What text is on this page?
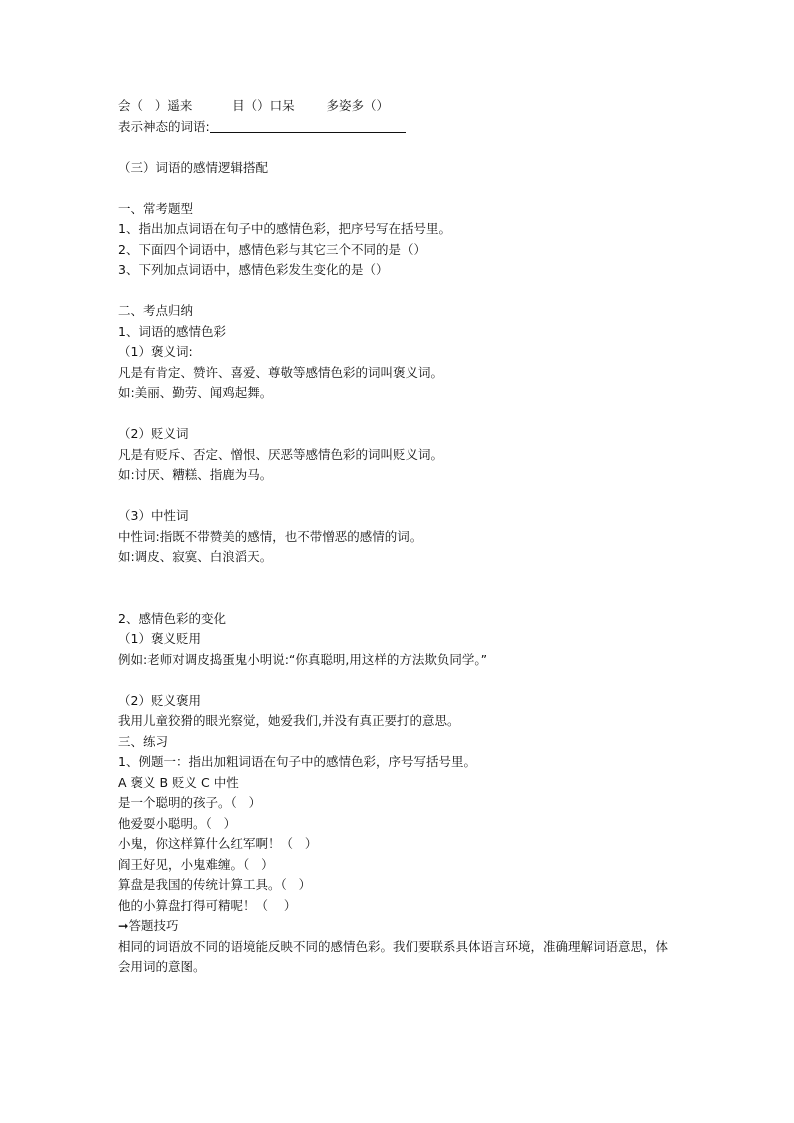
会（   ）遥来          目（）口呆        多姿多（）
表示神态的词语:
（三）词语的感情逻辑搭配
一、常考题型
1、指出加点词语在句子中的感情色彩，把序号写在括号里。
2、下面四个词语中，感情色彩与其它三个不同的是（）
3、下列加点词语中，感情色彩发生变化的是（）
二、考点归纳
1、词语的感情色彩
（1）褒义词:
凡是有肯定、赞许、喜爱、尊敬等感情色彩的词叫褒义词。
如:美丽、勤劳、闻鸡起舞。
（2）贬义词
凡是有贬斥、否定、憎恨、厌恶等感情色彩的词叫贬义词。
如:讨厌、糟糕、指鹿为马。
（3）中性词
中性词:指既不带赞美的感情，也不带憎恶的感情的词。
如:调皮、寂寞、白浪滔天。
2、感情色彩的变化
（1）褒义贬用
例如:老师对调皮捣蛋鬼小明说:“你真聪明,用这样的方法欺负同学。”
（2）贬义褒用
我用儿童狡猾的眼光察觉，她爱我们,并没有真正要打的意思。
三、练习
1、例题一：指出加粗词语在句子中的感情色彩，序号写括号里。
A 褒义 B 贬义 C 中性
是一个聪明的孩子。（   ）
他爱耍小聪明。（   ）
小鬼，你这样算什么红军啊！（   ）
阎王好见，小鬼难缠。（   ）
算盘是我国的传统计算工具。（   ）
他的小算盘打得可精呢！（    ）
➞答题技巧
相同的词语放不同的语境能反映不同的感情色彩。我们要联系具体语言环境，准确理解词语意思，体会用词的意图。
